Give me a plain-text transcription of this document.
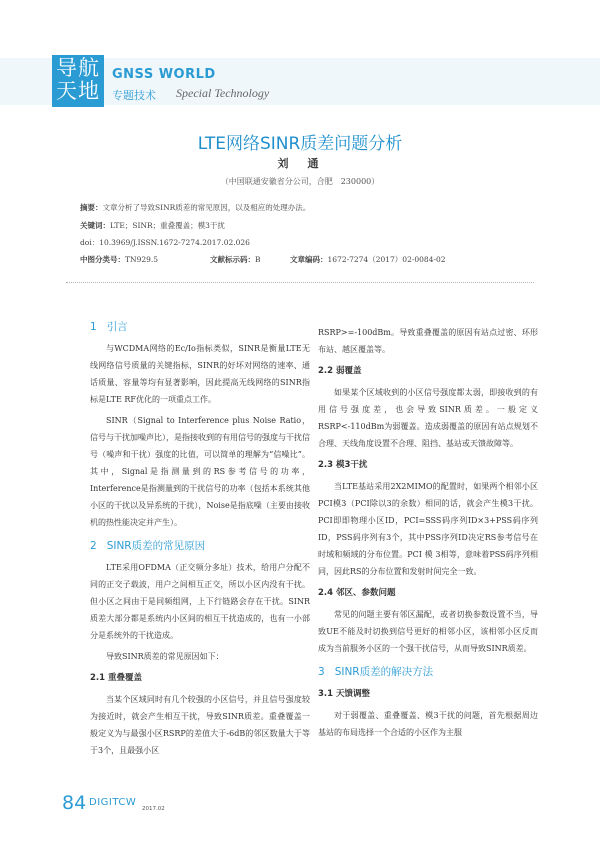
导航
天地
GNSS WORLD
专题技术 Special Technology
LTE网络SINR质差问题分析
刘　通
（中国联通安徽省分公司，合肥　230000）
摘要：文章分析了导致SINR质差的常见原因，以及相应的处理办法。
关键词：LTE；SINR；重叠覆盖；模3干扰
doi：10.3969/J.ISSN.1672-7274.2017.02.026
中图分类号：TN929.5	文献标示码：B	文章编码：1672-7274（2017）02-0084-02
1 引言

与WCDMA网络的Ec/Io指标类似，SINR是衡量LTE无线网络信号质量的关键指标，SINR的好坏对网络的速率、通话质量、容量等均有显著影响，因此提高无线网络的SINR指标是LTE RF优化的一项重点工作。

SINR（Signal to Interference plus Noise Ratio，信号与干扰加噪声比），是指接收到的有用信号的强度与干扰信号（噪声和干扰）强度的比值，可以简单的理解为“信噪比”。其中，Signal是指测量到的RS参考信号的功率，Interference是指测量到的干扰信号的功率（包括本系统其他小区的干扰以及异系统的干扰），Noise是指底噪（主要由接收机的热性能决定并产生）。

2 SINR质差的常见原因

LTE采用OFDMA（正交频分多址）技术，给用户分配不同的正交子载波，用户之间相互正交，所以小区内没有干扰。但小区之间由于是同频组网，上下行链路会存在干扰。SINR质差大部分都是系统内小区间的相互干扰造成的，也有一小部分是系统外的干扰造成。

导致SINR质差的常见原因如下：

2.1 重叠覆盖

当某个区域同时有几个较强的小区信号，并且信号强度较为接近时，就会产生相互干扰，导致SINR质差。重叠覆盖一般定义为与最强小区RSRP的差值大于-6dB的邻区数量大于等于3个，且最强小区

RSRP>=-100dBm。导致重叠覆盖的原因有站点过密、环形布站、越区覆盖等。

2.2 弱覆盖

如果某个区域收到的小区信号强度都太弱，即接收到的有用信号强度差，也会导致SINR质差。一般定义RSRP<-110dBm为弱覆盖。造成弱覆盖的原因有站点规划不合理、天线角度设置不合理、阻挡、基站或天馈故障等。

2.3 模3干扰

当LTE基站采用2X2MIMO的配置时，如果两个相邻小区PCI模3（PCI除以3的余数）相同的话，就会产生模3干扰。PCI即即物理小区ID，PCI=SSS码序列ID×3+PSS码序列ID，PSS码序列有3个，其中PSS序列ID决定RS参考信号在时域和频域的分布位置。PCI 模 3相等，意味着PSS码序列相同，因此RS的分布位置和发射时间完全一致。

2.4 邻区、参数问题

常见的问题主要有邻区漏配，或者切换参数设置不当，导致UE不能及时切换到信号更好的相邻小区，该相邻小区反而成为当前服务小区的一个强干扰信号，从而导致SINR质差。

3 SINR质差的解决方法
3.1 天馈调整

对于弱覆盖、重叠覆盖、模3干扰的问题，首先根据周边基站的布局选择一个合适的小区作为主服

84 DIGITCW
2017.02
